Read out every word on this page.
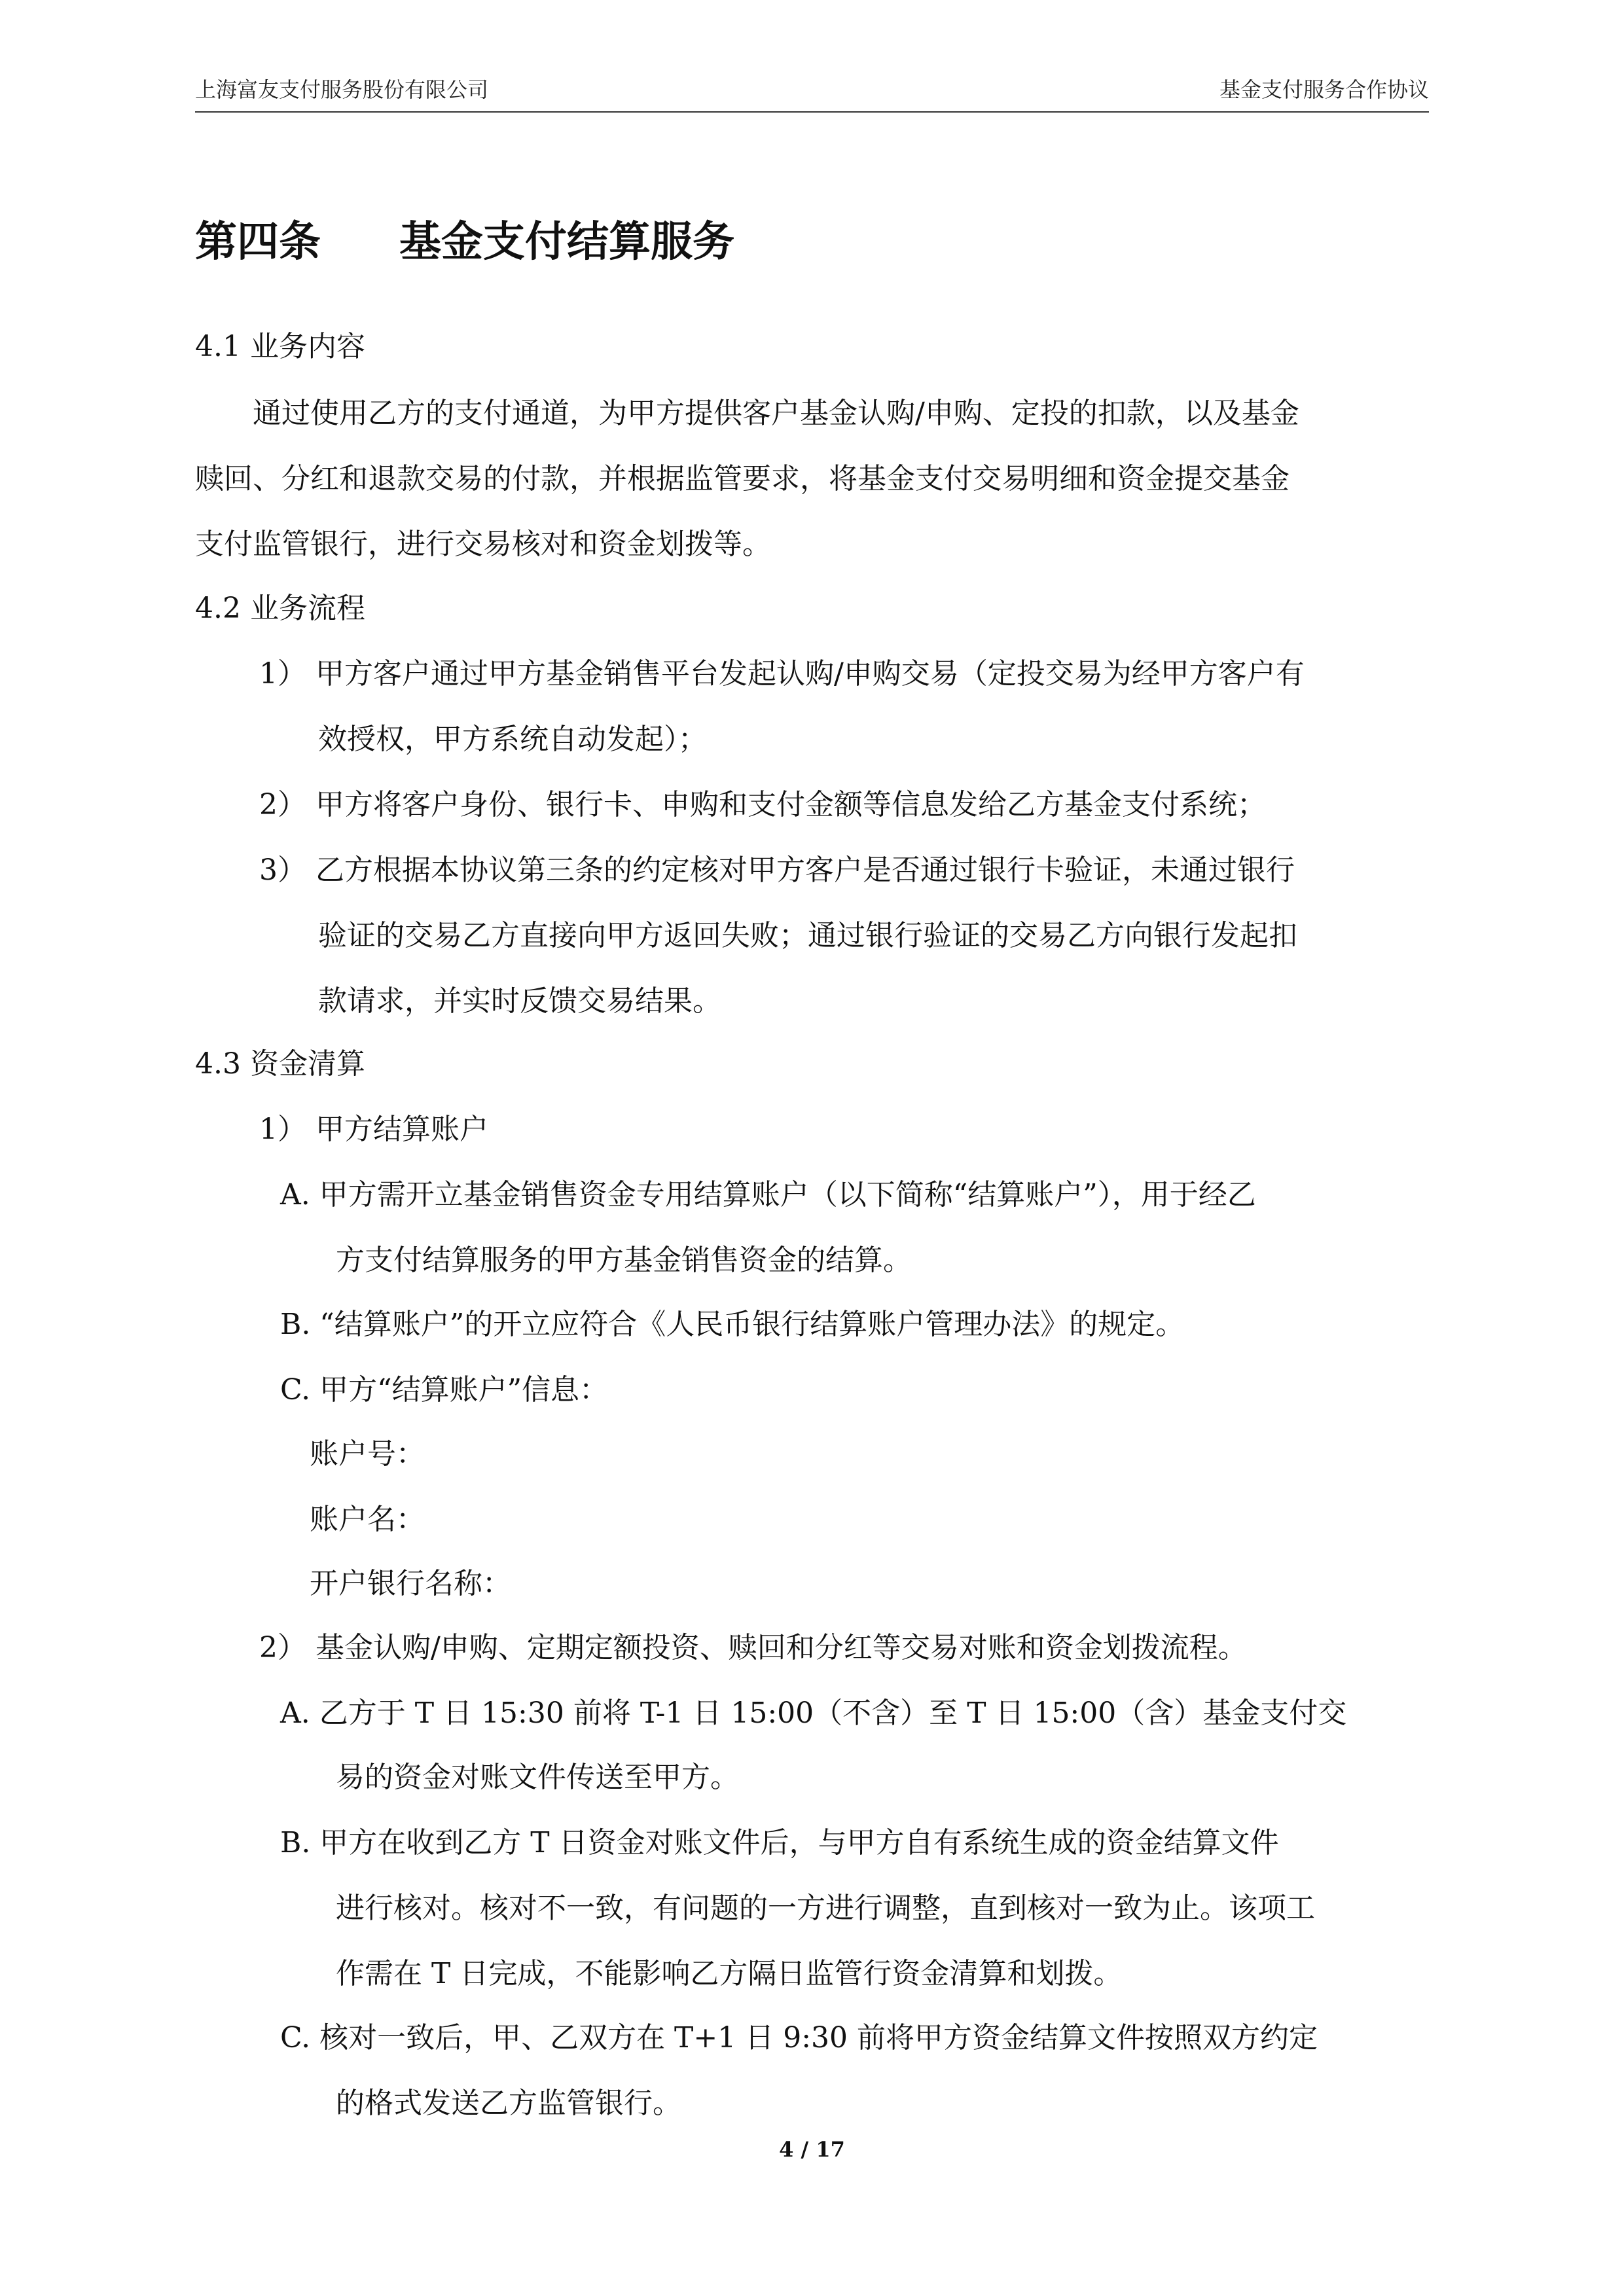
上海富友支付服务股份有限公司	基金支付服务合作协议
第四条 基金支付结算服务
4.1 业务内容
通过使用乙方的支付通道，为甲方提供客户基金认购/申购、定投的扣款，以及基金
赎回、分红和退款交易的付款，并根据监管要求，将基金支付交易明细和资金提交基金
支付监管银行，进行交易核对和资金划拨等。
4.2 业务流程
1） 甲方客户通过甲方基金销售平台发起认购/申购交易（定投交易为经甲方客户有
效授权，甲方系统自动发起）；
2） 甲方将客户身份、银行卡、申购和支付金额等信息发给乙方基金支付系统；
3） 乙方根据本协议第三条的约定核对甲方客户是否通过银行卡验证，未通过银行
验证的交易乙方直接向甲方返回失败；通过银行验证的交易乙方向银行发起扣
款请求，并实时反馈交易结果。
4.3 资金清算
1） 甲方结算账户
A. 甲方需开立基金销售资金专用结算账户（以下简称“结算账户”），用于经乙
方支付结算服务的甲方基金销售资金的结算。
B. “结算账户”的开立应符合《人民币银行结算账户管理办法》的规定。
C. 甲方“结算账户”信息：
账户号：
账户名：
开户银行名称：
2） 基金认购/申购、定期定额投资、赎回和分红等交易对账和资金划拨流程。
A. 乙方于 T 日 15:30 前将 T-1 日 15:00（不含）至 T 日 15:00（含）基金支付交
易的资金对账文件传送至甲方。
B. 甲方在收到乙方 T 日资金对账文件后，与甲方自有系统生成的资金结算文件
进行核对。核对不一致，有问题的一方进行调整，直到核对一致为止。该项工
作需在 T 日完成，不能影响乙方隔日监管行资金清算和划拨。
C. 核对一致后，甲、乙双方在 T+1 日 9:30 前将甲方资金结算文件按照双方约定
的格式发送乙方监管银行。
4 / 17
